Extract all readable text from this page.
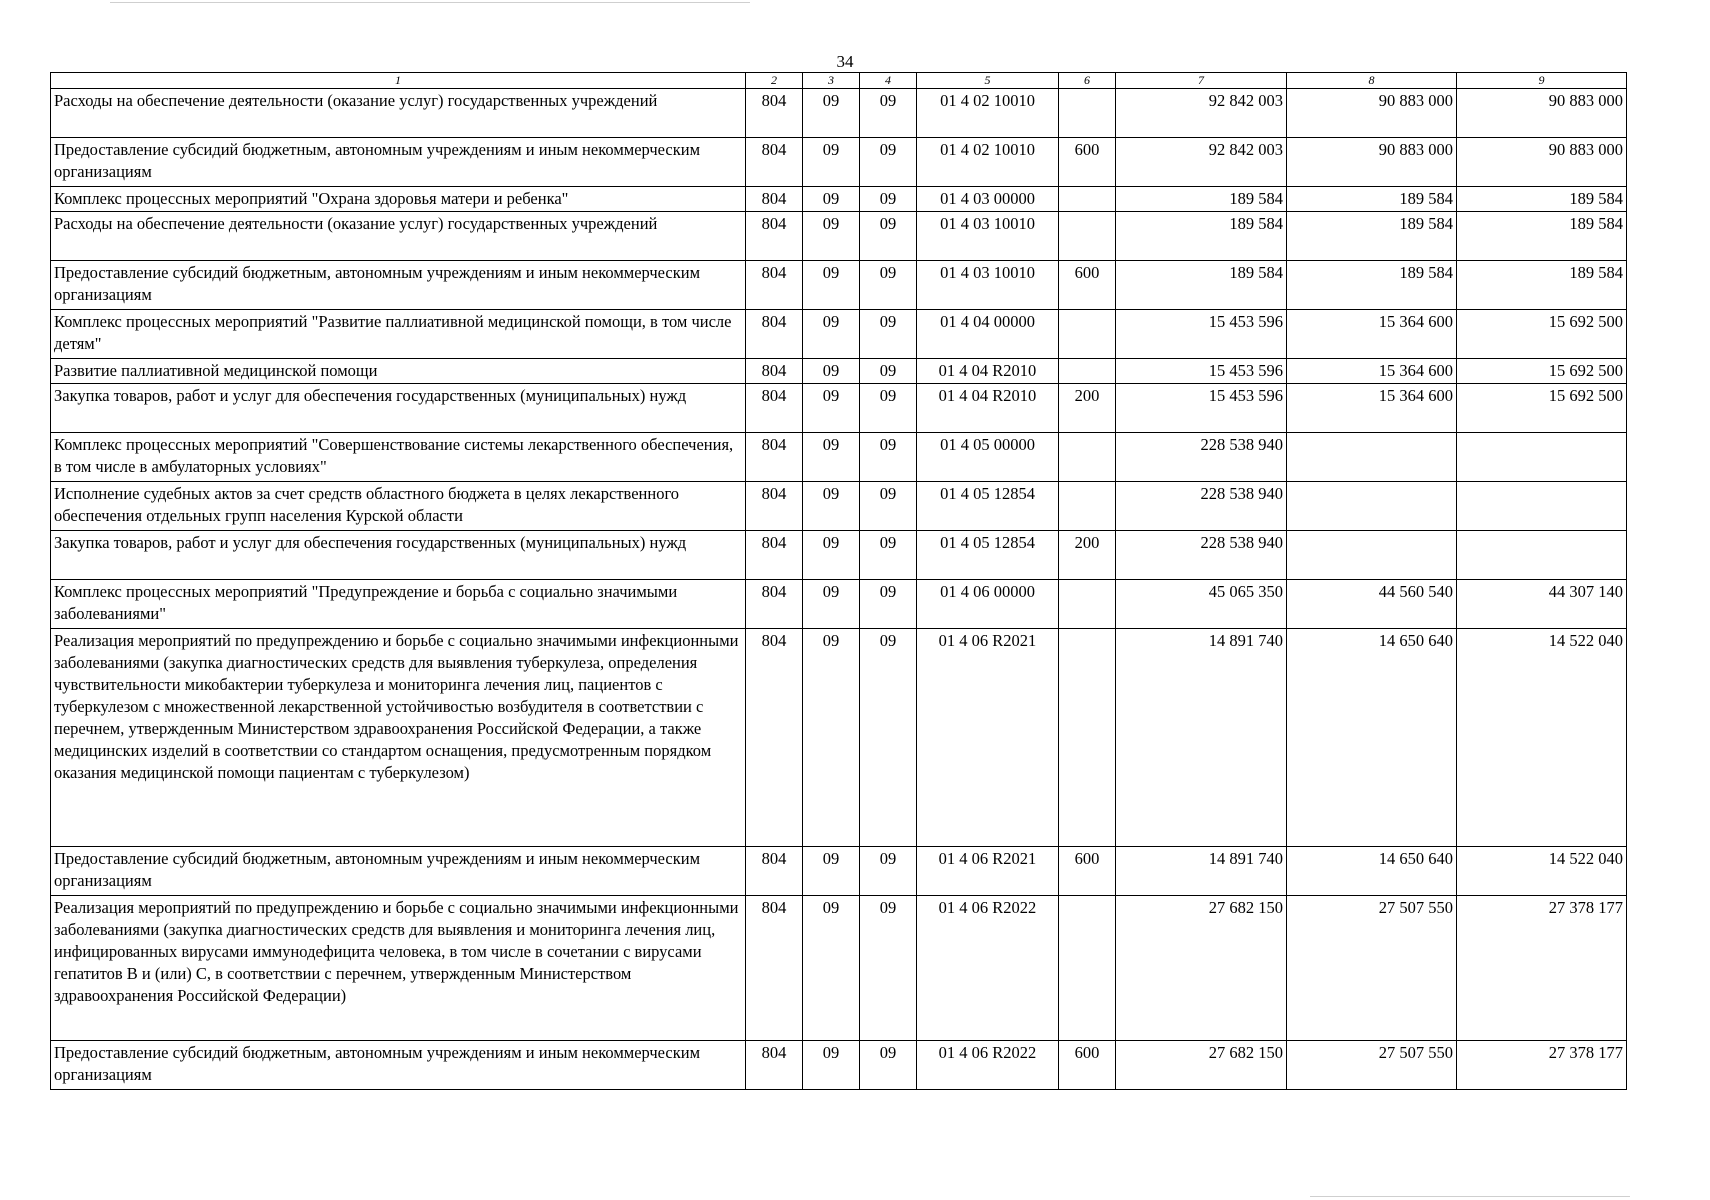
34
1	2	3	4	5	6	7	8	9
Расходы на обеспечение деятельности (оказание услуг) государственных учреждений	804	09	09	01 4 02 10010		92 842 003	90 883 000	90 883 000
Предоставление субсидий бюджетным, автономным учреждениям и иным некоммерческим организациям	804	09	09	01 4 02 10010	600	92 842 003	90 883 000	90 883 000
Комплекс процессных мероприятий "Охрана здоровья матери и ребенка"	804	09	09	01 4 03 00000		189 584	189 584	189 584
Расходы на обеспечение деятельности (оказание услуг) государственных учреждений	804	09	09	01 4 03 10010		189 584	189 584	189 584
Предоставление субсидий бюджетным, автономным учреждениям и иным некоммерческим организациям	804	09	09	01 4 03 10010	600	189 584	189 584	189 584
Комплекс процессных мероприятий "Развитие паллиативной медицинской помощи, в том числе детям"	804	09	09	01 4 04 00000		15 453 596	15 364 600	15 692 500
Развитие паллиативной медицинской помощи	804	09	09	01 4 04 R2010		15 453 596	15 364 600	15 692 500
Закупка товаров, работ и услуг для обеспечения государственных (муниципальных) нужд	804	09	09	01 4 04 R2010	200	15 453 596	15 364 600	15 692 500
Комплекс процессных мероприятий "Совершенствование системы лекарственного обеспечения, в том числе в амбулаторных условиях"	804	09	09	01 4 05 00000		228 538 940		
Исполнение судебных актов за счет средств областного бюджета в целях лекарственного обеспечения отдельных групп населения Курской области	804	09	09	01 4 05 12854		228 538 940		
Закупка товаров, работ и услуг для обеспечения государственных (муниципальных) нужд	804	09	09	01 4 05 12854	200	228 538 940		
Комплекс процессных мероприятий "Предупреждение и борьба с социально значимыми заболеваниями"	804	09	09	01 4 06 00000		45 065 350	44 560 540	44 307 140
Реализация мероприятий по предупреждению и борьбе с социально значимыми инфекционными заболеваниями (закупка диагностических средств для выявления туберкулеза, определения чувствительности микобактерии туберкулеза и мониторинга лечения лиц, пациентов с туберкулезом с множественной лекарственной устойчивостью возбудителя в соответствии с перечнем, утвержденным Министерством здравоохранения Российской Федерации, а также медицинских изделий в соответствии со стандартом оснащения, предусмотренным порядком оказания медицинской помощи пациентам с туберкулезом)	804	09	09	01 4 06 R2021		14 891 740	14 650 640	14 522 040
Предоставление субсидий бюджетным, автономным учреждениям и иным некоммерческим организациям	804	09	09	01 4 06 R2021	600	14 891 740	14 650 640	14 522 040
Реализация мероприятий по предупреждению и борьбе с социально значимыми инфекционными заболеваниями (закупка диагностических средств для выявления и мониторинга лечения лиц, инфицированных вирусами иммунодефицита человека, в том числе в сочетании с вирусами гепатитов В и (или) С, в соответствии с перечнем, утвержденным Министерством здравоохранения Российской Федерации)	804	09	09	01 4 06 R2022		27 682 150	27 507 550	27 378 177
Предоставление субсидий бюджетным, автономным учреждениям и иным некоммерческим организациям	804	09	09	01 4 06 R2022	600	27 682 150	27 507 550	27 378 177
